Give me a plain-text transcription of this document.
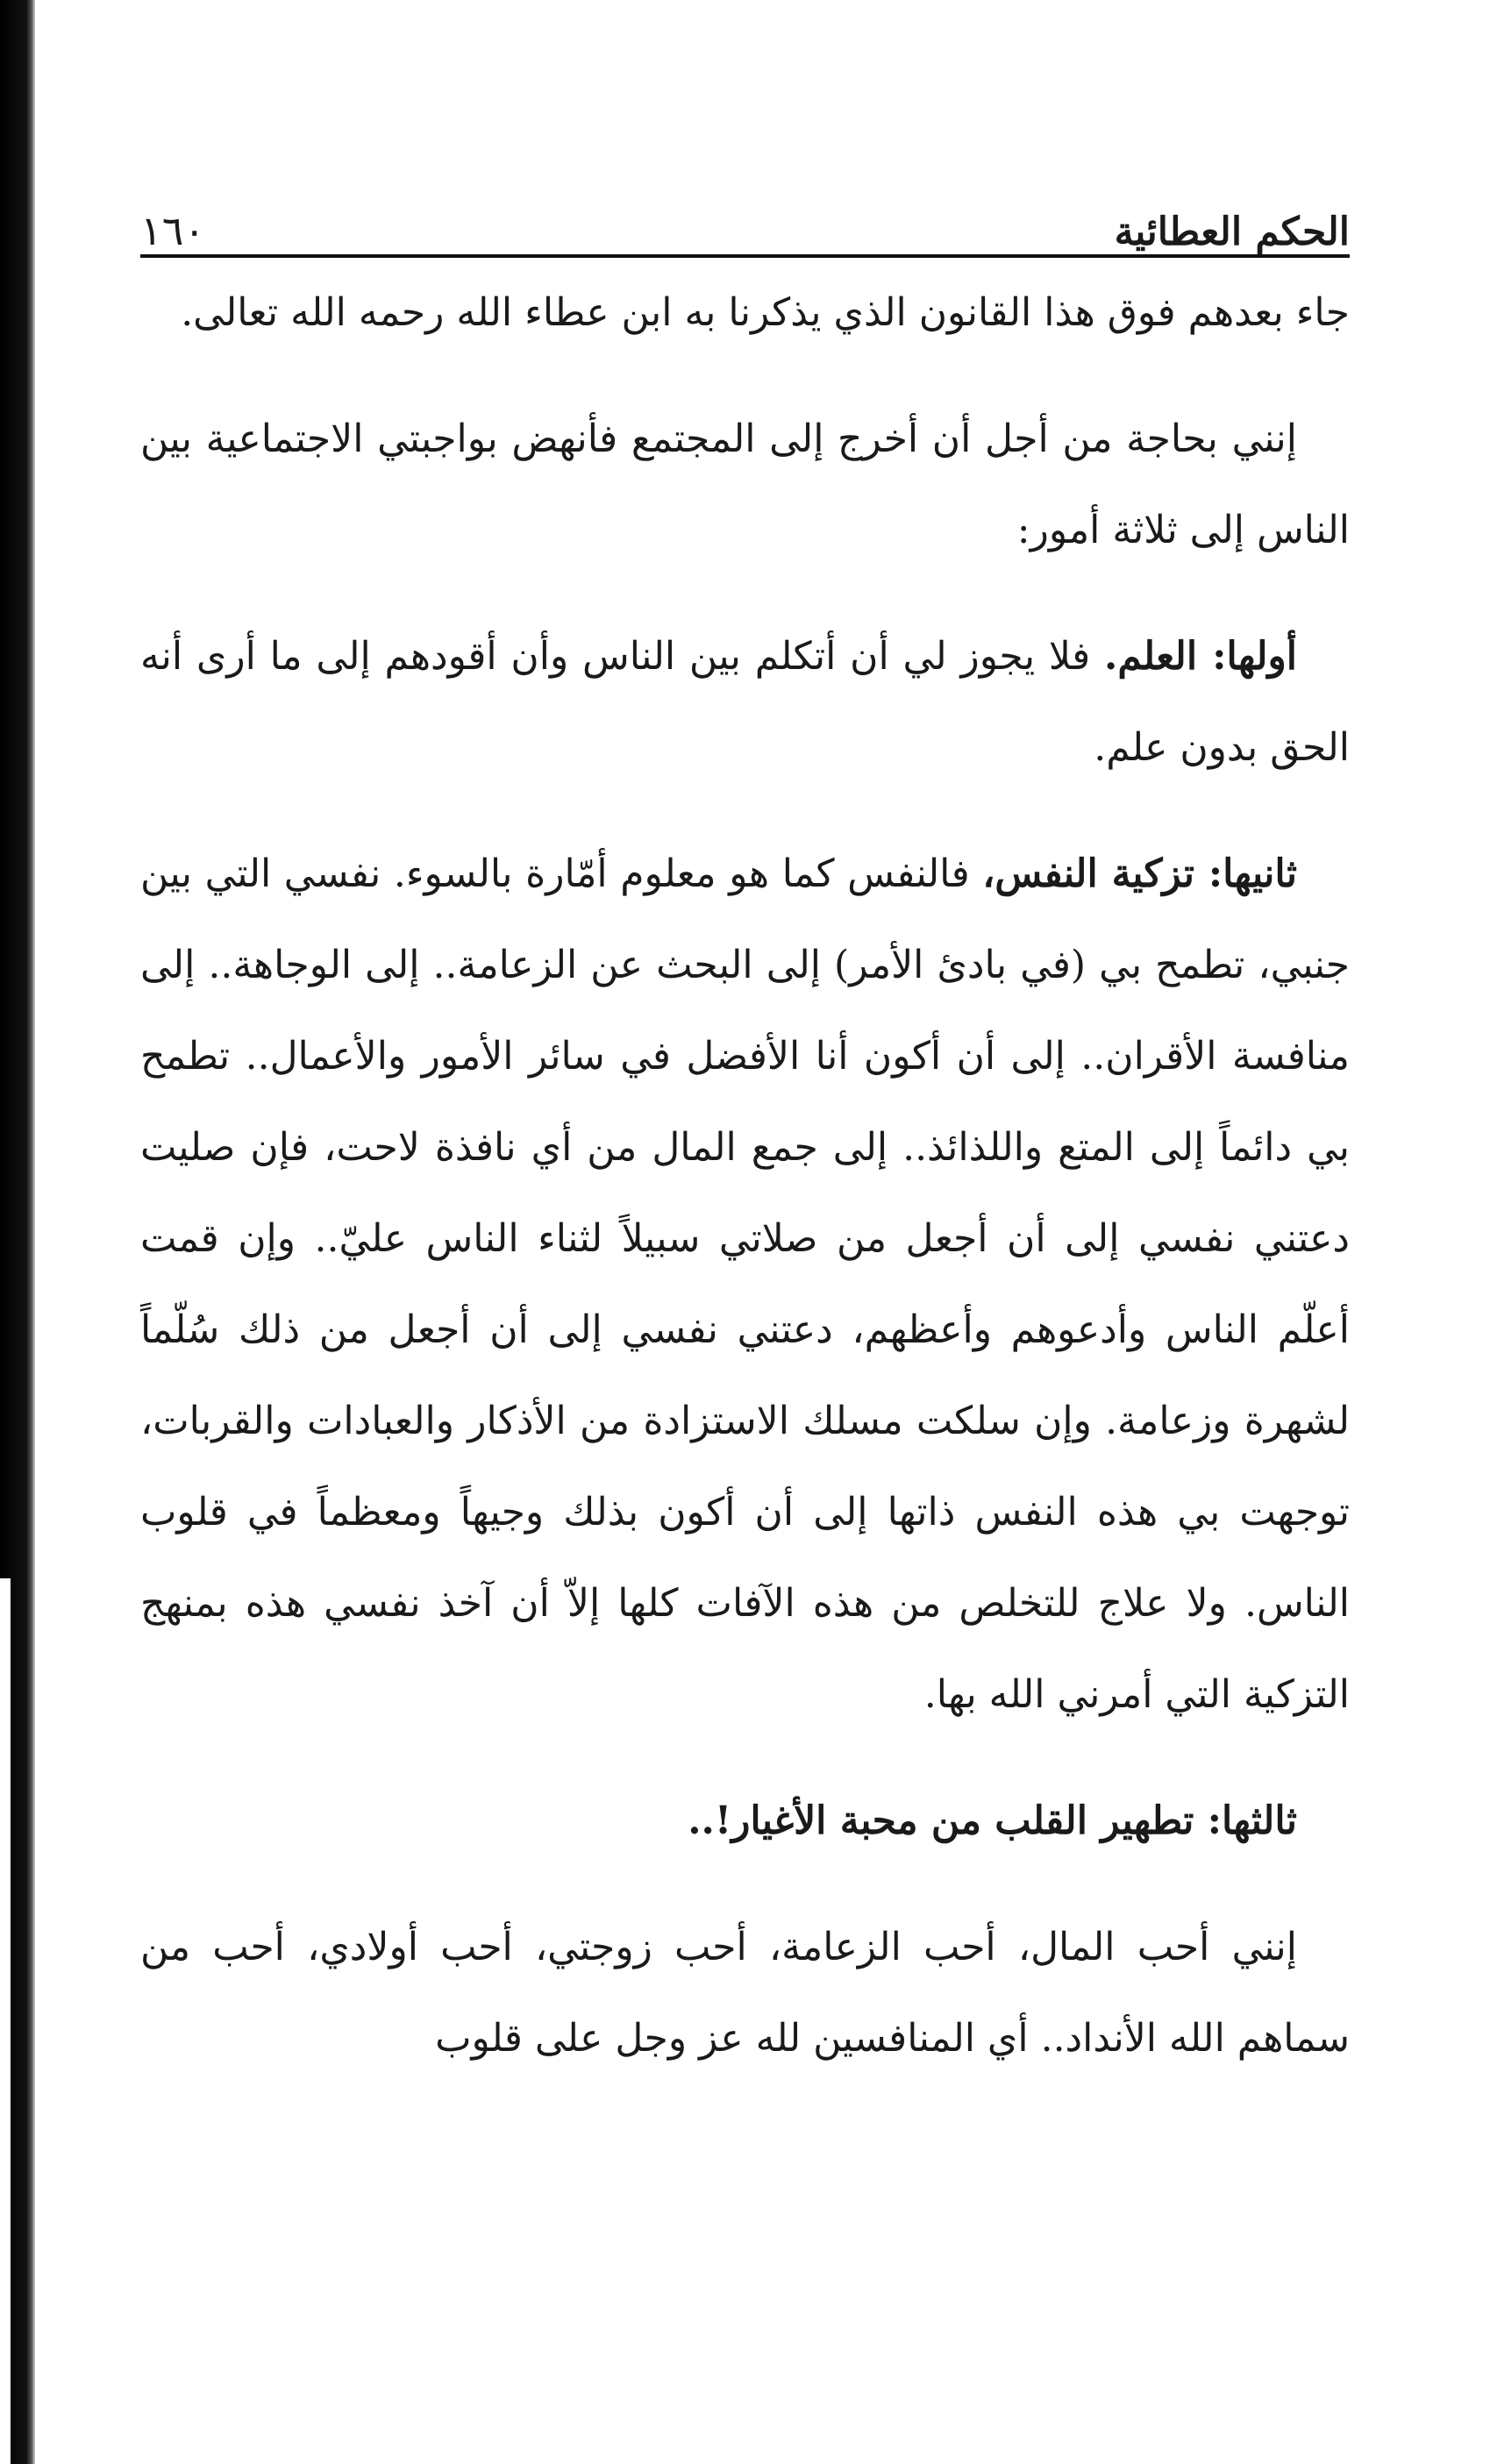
الحكم العطائية
١٦٠

جاء بعدهم فوق هذا القانون الذي يذكرنا به ابن عطاء الله رحمه الله تعالى.

إنني بحاجة من أجل أن أخرج إلى المجتمع فأنهض بواجبتي الاجتماعية بين الناس إلى ثلاثة أمور:

أولها: العلم. فلا يجوز لي أن أتكلم بين الناس وأن أقودهم إلى ما أرى أنه الحق بدون علم.

ثانيها: تزكية النفس، فالنفس كما هو معلوم أمّارة بالسوء. نفسي التي بين جنبي، تطمح بي (في بادئ الأمر) إلى البحث عن الزعامة.. إلى الوجاهة.. إلى منافسة الأقران.. إلى أن أكون أنا الأفضل في سائر الأمور والأعمال.. تطمح بي دائماً إلى المتع واللذائذ.. إلى جمع المال من أي نافذة لاحت، فإن صليت دعتني نفسي إلى أن أجعل من صلاتي سبيلاً لثناء الناس عليّ.. وإن قمت أعلّم الناس وأدعوهم وأعظهم، دعتني نفسي إلى أن أجعل من ذلك سُلّماً لشهرة وزعامة. وإن سلكت مسلك الاستزادة من الأذكار والعبادات والقربات، توجهت بي هذه النفس ذاتها إلى أن أكون بذلك وجيهاً ومعظماً في قلوب الناس. ولا علاج للتخلص من هذه الآفات كلها إلاّ أن آخذ نفسي هذه بمنهج التزكية التي أمرني الله بها.

ثالثها: تطهير القلب من محبة الأغيار!..

إنني أحب المال، أحب الزعامة، أحب زوجتي، أحب أولادي، أحب من سماهم الله الأنداد.. أي المنافسين لله عز وجل على قلوب
